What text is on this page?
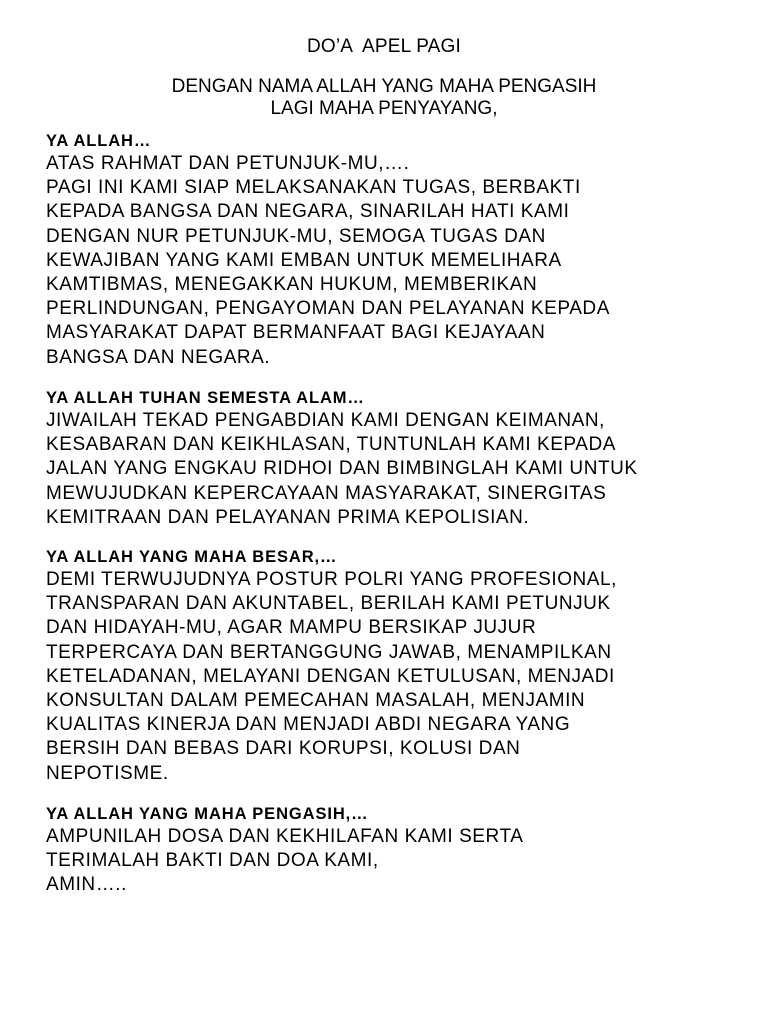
DO’A  APEL PAGI
DENGAN NAMA ALLAH YANG MAHA PENGASIH
LAGI MAHA PENYAYANG,
YA ALLAH…
ATAS RAHMAT DAN PETUNJUK-MU,….
PAGI INI KAMI SIAP MELAKSANAKAN TUGAS, BERBAKTI
KEPADA BANGSA DAN NEGARA, SINARILAH HATI KAMI
DENGAN NUR PETUNJUK-MU, SEMOGA TUGAS DAN
KEWAJIBAN YANG KAMI EMBAN UNTUK MEMELIHARA
KAMTIBMAS, MENEGAKKAN HUKUM, MEMBERIKAN
PERLINDUNGAN, PENGAYOMAN DAN PELAYANAN KEPADA
MASYARAKAT DAPAT BERMANFAAT BAGI KEJAYAAN
BANGSA DAN NEGARA.
YA ALLAH TUHAN SEMESTA ALAM…
JIWAILAH TEKAD PENGABDIAN KAMI DENGAN KEIMANAN,
KESABARAN DAN KEIKHLASAN, TUNTUNLAH KAMI KEPADA
JALAN YANG ENGKAU RIDHOI DAN BIMBINGLAH KAMI UNTUK
MEWUJUDKAN KEPERCAYAAN MASYARAKAT, SINERGITAS
KEMITRAAN DAN PELAYANAN PRIMA KEPOLISIAN.
YA ALLAH YANG MAHA BESAR,…
DEMI TERWUJUDNYA POSTUR POLRI YANG PROFESIONAL,
TRANSPARAN DAN AKUNTABEL, BERILAH KAMI PETUNJUK
DAN HIDAYAH-MU, AGAR MAMPU BERSIKAP JUJUR
TERPERCAYA DAN BERTANGGUNG JAWAB, MENAMPILKAN
KETELADANAN, MELAYANI DENGAN KETULUSAN, MENJADI
KONSULTAN DALAM PEMECAHAN MASALAH, MENJAMIN
KUALITAS KINERJA DAN MENJADI ABDI NEGARA YANG
BERSIH DAN BEBAS DARI KORUPSI, KOLUSI DAN
NEPOTISME.
YA ALLAH YANG MAHA PENGASIH,…
AMPUNILAH DOSA DAN KEKHILAFAN KAMI SERTA
TERIMALAH BAKTI DAN DOA KAMI,
AMIN…..
